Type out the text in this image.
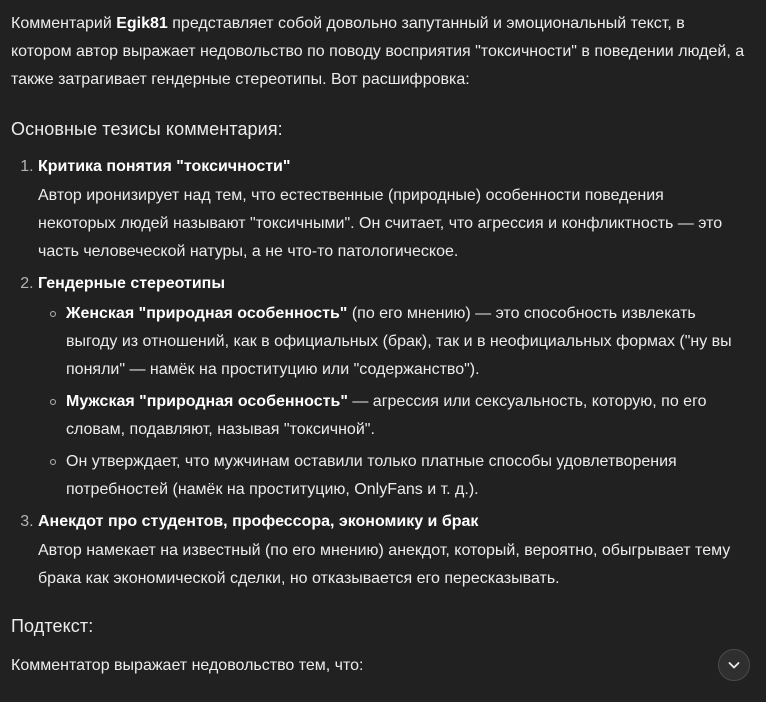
Комментарий Egik81 представляет собой довольно запутанный и эмоциональный текст, в котором автор выражает недовольство по поводу восприятия "токсичности" в поведении людей, а также затрагивает гендерные стереотипы. Вот расшифровка:

Основные тезисы комментария:
1. Критика понятия "токсичности"
Автор иронизирует над тем, что естественные (природные) особенности поведения некоторых людей называют "токсичными". Он считает, что агрессия и конфликтность — это часть человеческой натуры, а не что-то патологическое.
2. Гендерные стереотипы
Женская "природная особенность" (по его мнению) — это способность извлекать выгоду из отношений, как в официальных (брак), так и в неофициальных формах ("ну вы поняли" — намёк на проституцию или "содержанство").
Мужская "природная особенность" — агрессия или сексуальность, которую, по его словам, подавляют, называя "токсичной".
Он утверждает, что мужчинам оставили только платные способы удовлетворения потребностей (намёк на проституцию, OnlyFans и т. д.).
3. Анекдот про студентов, профессора, экономику и брак
Автор намекает на известный (по его мнению) анекдот, который, вероятно, обыгрывает тему брака как экономической сделки, но отказывается его пересказывать.
Подтекст:

Комментатор выражает недовольство тем, что:
